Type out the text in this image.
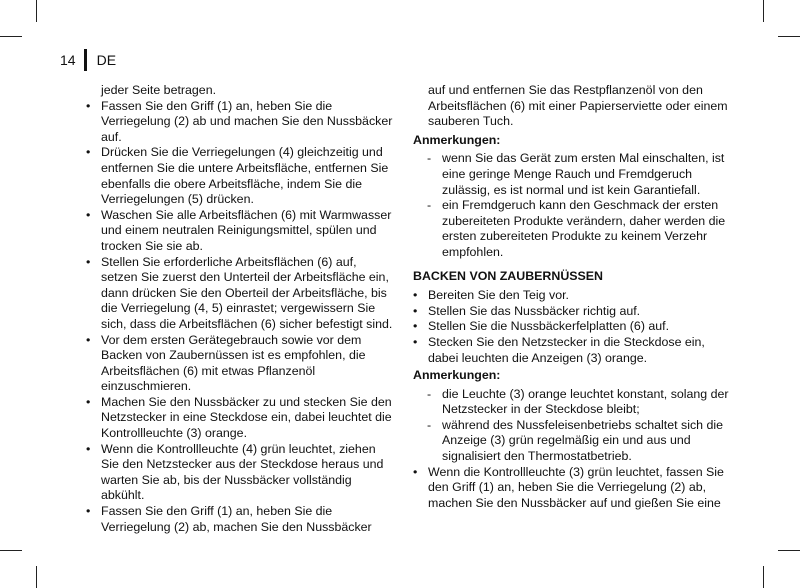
14 DE

jeder Seite betragen.

• Fassen Sie den Griff (1) an, heben Sie die Verriegelung (2) ab und machen Sie den Nussbäcker auf.
• Drücken Sie die Verriegelungen (4) gleichzeitig und entfernen Sie die untere Arbeitsfläche, entfernen Sie ebenfalls die obere Arbeitsfläche, indem Sie die Verriegelungen (5) drücken.
• Waschen Sie alle Arbeitsflächen (6) mit Warmwasser und einem neutralen Reinigungsmittel, spülen und trocken Sie sie ab.
• Stellen Sie erforderliche Arbeitsflächen (6) auf, setzen Sie zuerst den Unterteil der Arbeitsfläche ein, dann drücken Sie den Oberteil der Arbeitsfläche, bis die Verriegelung (4, 5) einrastet; vergewissern Sie sich, dass die Arbeitsflächen (6) sicher befestigt sind.
• Vor dem ersten Gerätegebrauch sowie vor dem Backen von Zaubernüssen ist es empfohlen, die Arbeitsflächen (6) mit etwas Pflanzenöl einzuschmieren.
• Machen Sie den Nussbäcker zu und stecken Sie den Netzstecker in eine Steckdose ein, dabei leuchtet die Kontrollleuchte (3) orange.
• Wenn die Kontrollleuchte (4) grün leuchtet, ziehen Sie den Netzstecker aus der Steckdose heraus und warten Sie ab, bis der Nussbäcker vollständig abkühlt.
• Fassen Sie den Griff (1) an, heben Sie die Verriegelung (2) ab, machen Sie den Nussbäcker

auf und entfernen Sie das Restpflanzenöl von den Arbeitsflächen (6) mit einer Papierserviette oder einem sauberen Tuch.

Anmerkungen:
- wenn Sie das Gerät zum ersten Mal einschalten, ist eine geringe Menge Rauch und Fremdgeruch zulässig, es ist normal und ist kein Garantiefall.
- ein Fremdgeruch kann den Geschmack der ersten zubereiteten Produkte verändern, daher werden die ersten zubereiteten Produkte zu keinem Verzehr empfohlen.
BACKEN VON ZAUBERNÜSSEN
• Bereiten Sie den Teig vor.
• Stellen Sie das Nussbäcker richtig auf.
• Stellen Sie die Nussbäckerfelplatten (6) auf.
• Stecken Sie den Netzstecker in die Steckdose ein, dabei leuchten die Anzeigen (3) orange.
Anmerkungen:
- die Leuchte (3) orange leuchtet konstant, solang der Netzstecker in der Steckdose bleibt;
- während des Nussfeleisenbetriebs schaltet sich die Anzeige (3) grün regelmäßig ein und aus und signalisiert den Thermostatbetrieb.
• Wenn die Kontrollleuchte (3) grün leuchtet, fassen Sie den Griff (1) an, heben Sie die Verriegelung (2) ab, machen Sie den Nussbäcker auf und gießen Sie eine
